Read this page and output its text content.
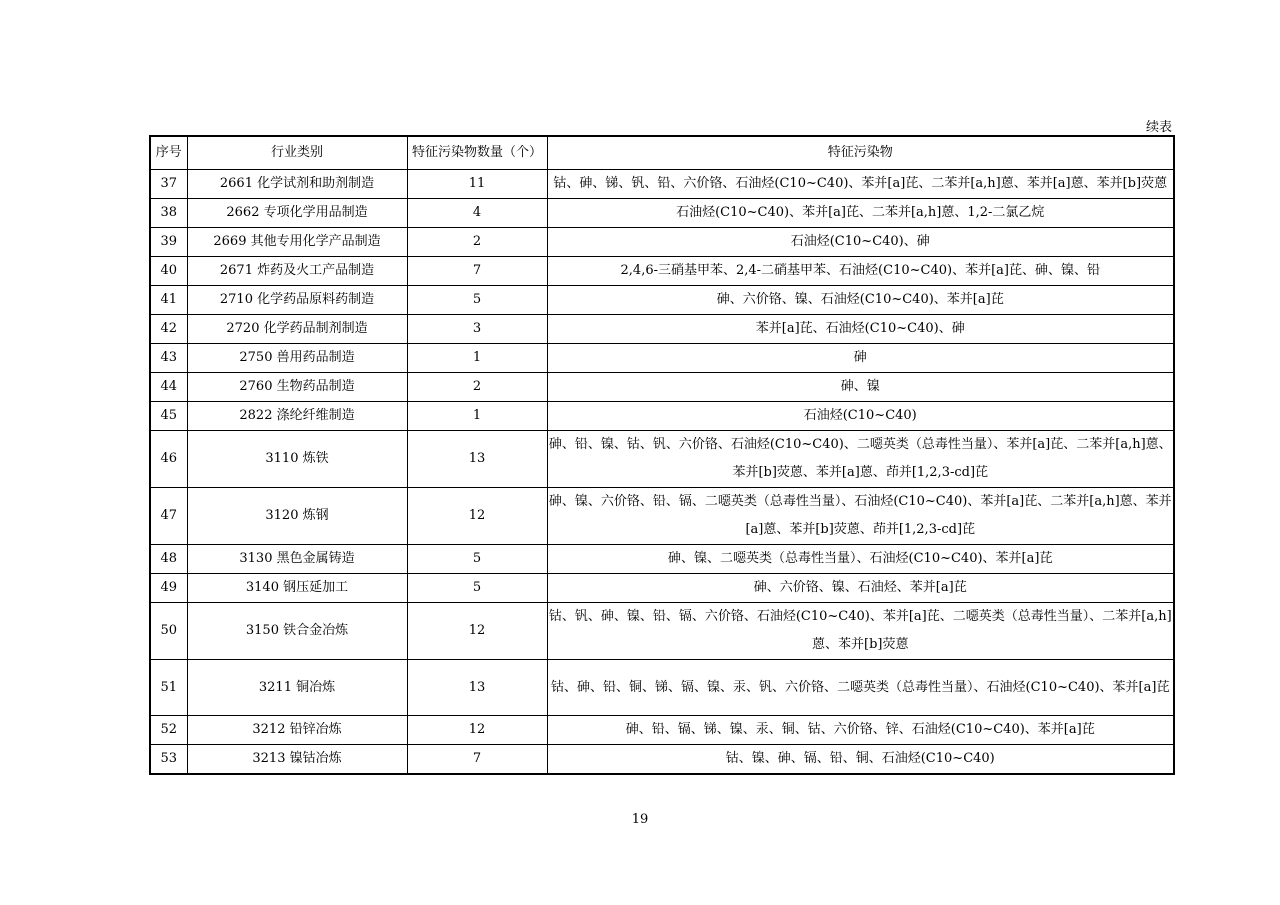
续表
序号	行业类别	特征污染物数量（个）	特征污染物
37	2661 化学试剂和助剂制造	11	钴、砷、锑、钒、铅、六价铬、石油烃(C10~C40)、苯并[a]芘、二苯并[a,h]蒽、苯并[a]蒽、苯并[b]荧蒽
38	2662 专项化学用品制造	4	石油烃(C10~C40)、苯并[a]芘、二苯并[a,h]蒽、1,2-二氯乙烷
39	2669 其他专用化学产品制造	2	石油烃(C10~C40)、砷
40	2671 炸药及火工产品制造	7	2,4,6-三硝基甲苯、2,4-二硝基甲苯、石油烃(C10~C40)、苯并[a]芘、砷、镍、铅
41	2710 化学药品原料药制造	5	砷、六价铬、镍、石油烃(C10~C40)、苯并[a]芘
42	2720 化学药品制剂制造	3	苯并[a]芘、石油烃(C10~C40)、砷
43	2750 兽用药品制造	1	砷
44	2760 生物药品制造	2	砷、镍
45	2822 涤纶纤维制造	1	石油烃(C10~C40)
46	3110 炼铁	13	砷、铅、镍、钴、钒、六价铬、石油烃(C10~C40)、二噁英类（总毒性当量）、苯并[a]芘、二苯并[a,h]蒽、苯并[b]荧蒽、苯并[a]蒽、茚并[1,2,3-cd]芘
47	3120 炼钢	12	砷、镍、六价铬、铅、镉、二噁英类（总毒性当量）、石油烃(C10~C40)、苯并[a]芘、二苯并[a,h]蒽、苯并[a]蒽、苯并[b]荧蒽、茚并[1,2,3-cd]芘
48	3130 黑色金属铸造	5	砷、镍、二噁英类（总毒性当量）、石油烃(C10~C40)、苯并[a]芘
49	3140 钢压延加工	5	砷、六价铬、镍、石油烃、苯并[a]芘
50	3150 铁合金冶炼	12	钴、钒、砷、镍、铅、镉、六价铬、石油烃(C10~C40)、苯并[a]芘、二噁英类（总毒性当量）、二苯并[a,h]蒽、苯并[b]荧蒽
51	3211 铜冶炼	13	钴、砷、铅、铜、锑、镉、镍、汞、钒、六价铬、二噁英类（总毒性当量）、石油烃(C10~C40)、苯并[a]芘
52	3212 铅锌冶炼	12	砷、铅、镉、锑、镍、汞、铜、钴、六价铬、锌、石油烃(C10~C40)、苯并[a]芘
53	3213 镍钴冶炼	7	钴、镍、砷、镉、铅、铜、石油烃(C10~C40)
19
